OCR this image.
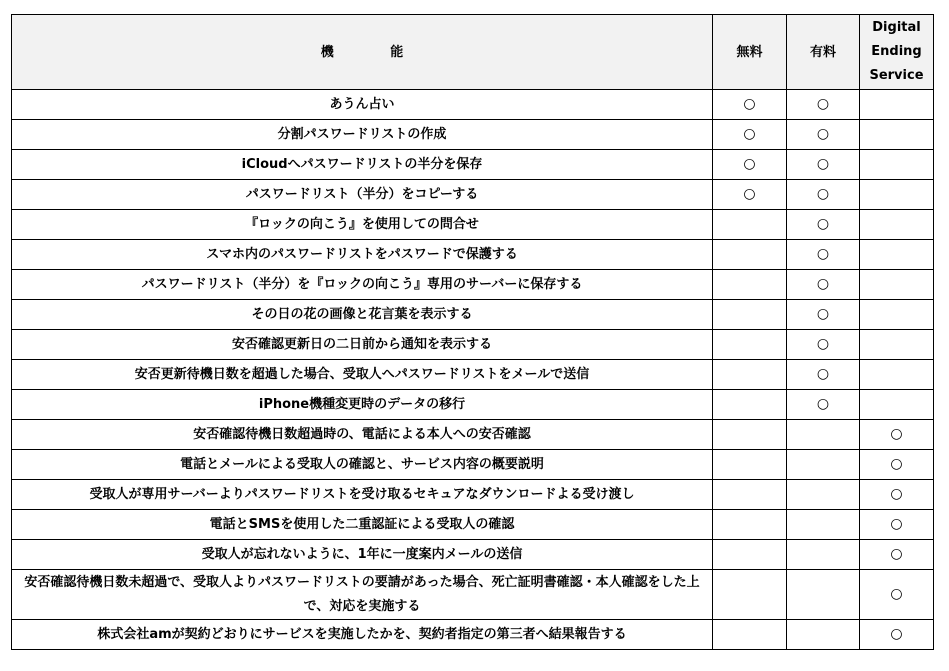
機 能	無料	有料	Digital
Ending
Service

あうん占い	○	○	
分割パスワードリストの作成	○	○	
iCloudへパスワードリストの半分を保存	○	○	
パスワードリスト（半分）をコピーする	○	○	
『ロックの向こう』を使用しての問合せ		○	
スマホ内のパスワードリストをパスワードで保護する		○	
パスワードリスト（半分）を『ロックの向こう』専用のサーバーに保存する		○	
その日の花の画像と花言葉を表示する		○	
安否確認更新日の二日前から通知を表示する		○	
安否更新待機日数を超過した場合、受取人へパスワードリストをメールで送信		○	
iPhone機種変更時のデータの移行		○	
安否確認待機日数超過時の、電話による本人への安否確認			○
電話とメールによる受取人の確認と、サービス内容の概要説明			○
受取人が専用サーバーよりパスワードリストを受け取るセキュアなダウンロードよる受け渡し			○
電話とSMSを使用した二重認証による受取人の確認			○
受取人が忘れないように、1年に一度案内メールの送信			○
安否確認待機日数未超過で、受取人よりパスワードリストの要請があった場合、死亡証明書確認・本人確認をした上で、対応を実施する			○
株式会社amが契約どおりにサービスを実施したかを、契約者指定の第三者へ結果報告する			○
